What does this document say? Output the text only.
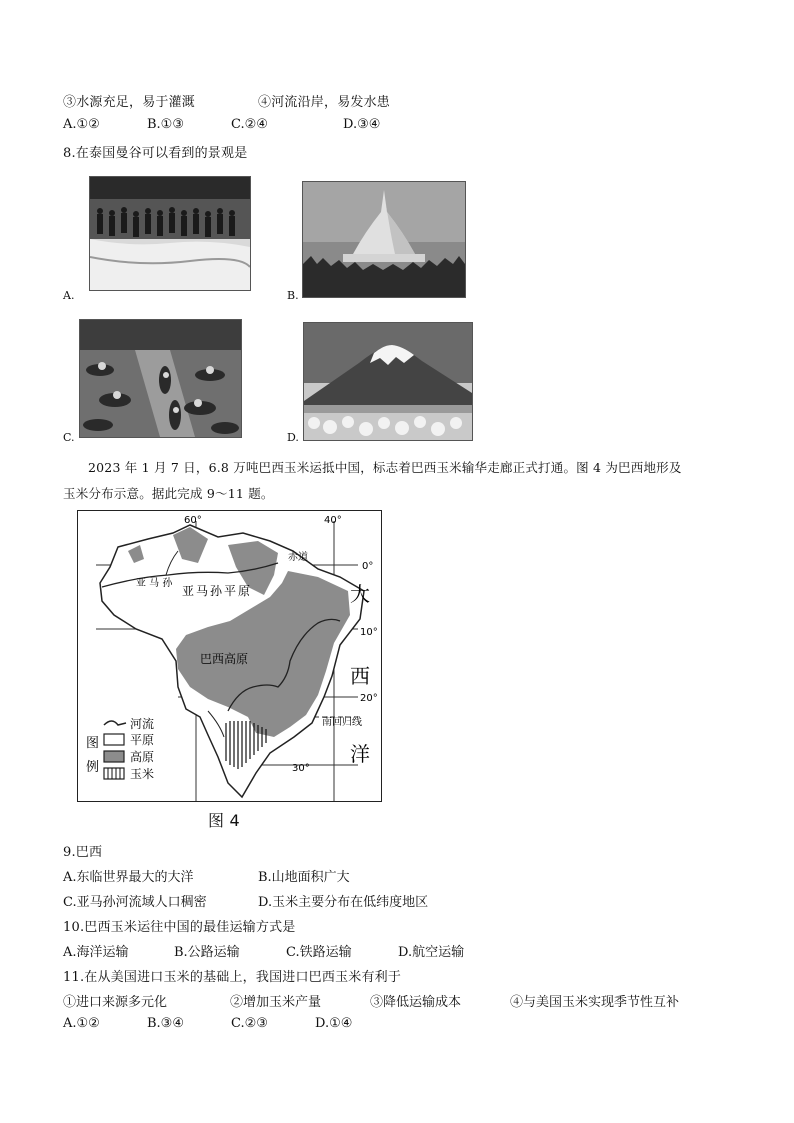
③水源充足，易于灌溉	④河流沿岸，易发水患
A.①②	B.①③	C.②④	D.③④
8.在泰国曼谷可以看到的景观是
A.	B.
C.	D.
2023 年 1 月 7 日，6.8 万吨巴西玉米运抵中国，标志着巴西玉米输华走廊正式打通。图 4 为巴西地形及
玉米分布示意。据此完成 9～11 题。
60°	40°
0°
10°
20°
30°
赤道
南回归线
亚 马 孙
亚马孙平原
巴西高原
大
西
洋
图
例
河流
平原
高原
玉米
图 4
9.巴西
A.东临世界最大的大洋	B.山地面积广大
C.亚马孙河流域人口稠密	D.玉米主要分布在低纬度地区
10.巴西玉米运往中国的最佳运输方式是
A.海洋运输	B.公路运输	C.铁路运输	D.航空运输
11.在从美国进口玉米的基础上，我国进口巴西玉米有利于
①进口来源多元化	②增加玉米产量	③降低运输成本	④与美国玉米实现季节性互补
A.①②	B.③④	C.②③	D.①④
